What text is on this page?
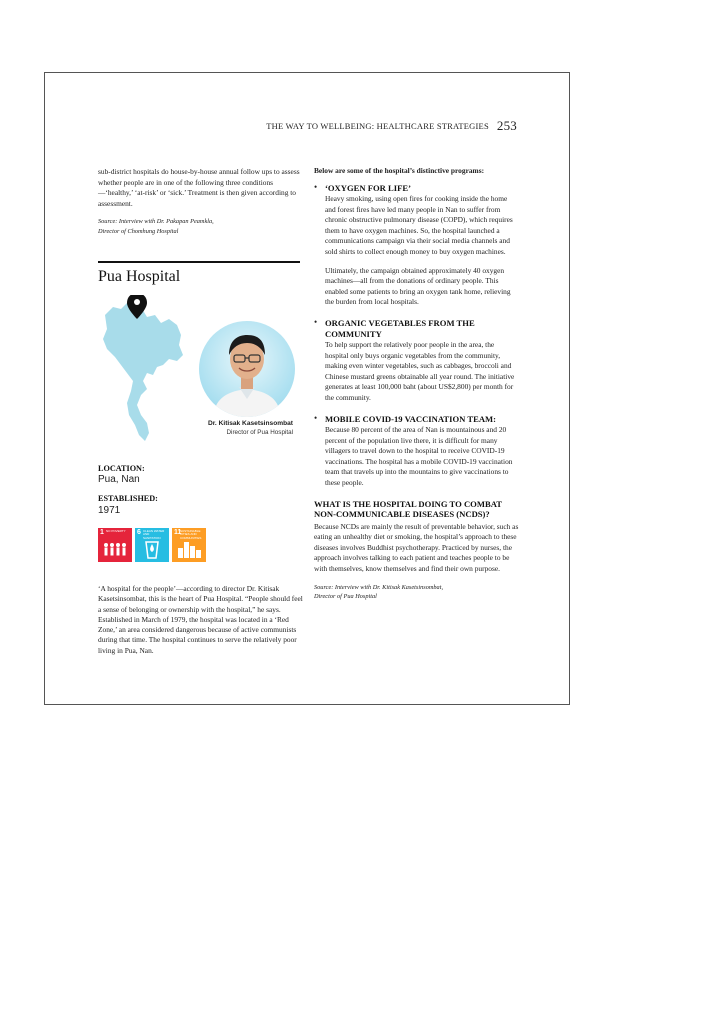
THE WAY TO WELLBEING: HEALTHCARE STRATEGIES 253

sub-district hospitals do house-by-house annual follow ups to assess whether people are in one of the following three conditions—‘healthy,’ ‘at-risk’ or ‘sick.’ Treatment is then given according to assessment.

Source: Interview with Dr. Pakapan Peamkla,
Director of Chomhung Hospital

Pua Hospital
Dr. Kitisak Kasetsinsombat
Director of Pua Hospital
LOCATION:
Pua, Nan
ESTABLISHED:
1971
1 NO POVERTY	6 CLEAN WATER AND SANITATION
11
SUSTAINABLE CITIES AND COMMUNITIES
‘A hospital for the people’—according to director Dr. Kitisak Kasetsinsombat, this is the heart of Pua Hospital. “People should feel a sense of belonging or ownership with the hospital,” he says. Established in March of 1979, the hospital was located in a ‘Red Zone,’ an area considered dangerous because of active communists during that time. The hospital continues to serve the relatively poor living in Pua, Nan.

Below are some of the hospital’s distinctive programs:

• ‘OXYGEN FOR LIFE’

Heavy smoking, using open fires for cooking inside the home and forest fires have led many people in Nan to suffer from chronic obstructive pulmonary disease (COPD), which requires them to have oxygen machines. So, the hospital launched a communications campaign via their social media channels and sold shirts to collect enough money to buy oxygen machines.

Ultimately, the campaign obtained approximately 40 oxygen machines—all from the donations of ordinary people. This enabled some patients to bring an oxygen tank home, relieving the burden from local hospitals.

• ORGANIC VEGETABLES FROM THE COMMUNITY

To help support the relatively poor people in the area, the hospital only buys organic vegetables from the community, making even winter vegetables, such as cabbages, broccoli and Chinese mustard greens obtainable all year round. The initiative generates at least 100,000 baht (about US$2,800) per month for the community.

• MOBILE COVID-19 VACCINATION TEAM:

Because 80 percent of the area of Nan is mountainous and 20 percent of the population live there, it is difficult for many villagers to travel down to the hospital to receive COVID-19 vaccinations. The hospital has a mobile COVID-19 vaccination team that travels up into the mountains to give vaccinations to these people.

WHAT IS THE HOSPITAL DOING TO COMBAT
NON-COMMUNICABLE DISEASES (NCDS)?

Because NCDs are mainly the result of preventable behavior, such as eating an unhealthy diet or smoking, the hospital’s approach to these diseases involves Buddhist psychotherapy. Practiced by nurses, the approach involves talking to each patient and teaches people to be with themselves, know themselves and find their own purpose.

Source: Interview with Dr. Kitisak Kasetsinsombat,
Director of Pua Hospital
